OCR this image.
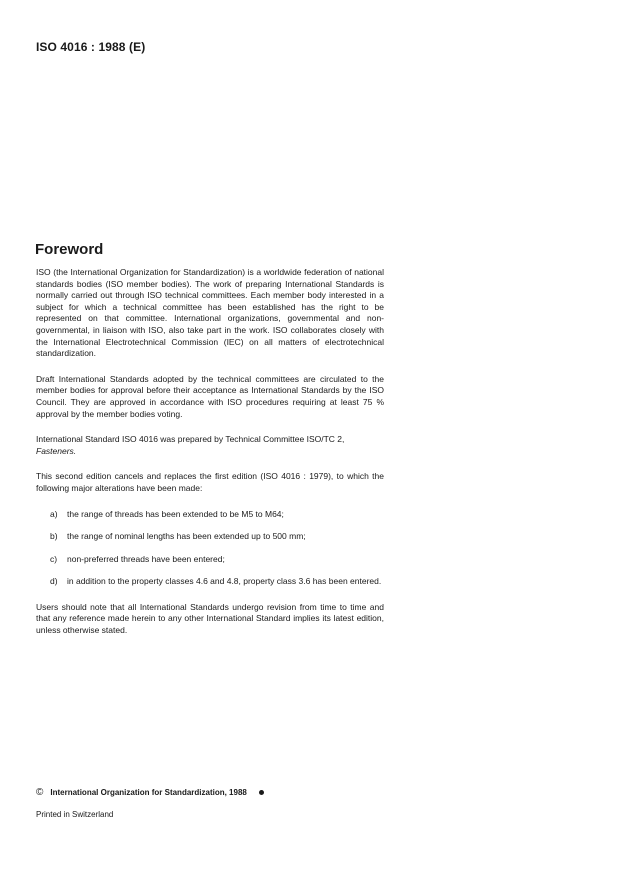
ISO 4016 : 1988 (E)
Foreword

ISO (the International Organization for Standardization) is a worldwide federation of national standards bodies (ISO member bodies). The work of preparing International Standards is normally carried out through ISO technical committees. Each member body interested in a subject for which a technical committee has been established has the right to be represented on that committee. International organizations, governmental and non-governmental, in liaison with ISO, also take part in the work. ISO collaborates closely with the International Electrotechnical Commission (IEC) on all matters of electrotechnical standardization.

Draft International Standards adopted by the technical committees are circulated to the member bodies for approval before their acceptance as International Standards by the ISO Council. They are approved in accordance with ISO procedures requiring at least 75 % approval by the member bodies voting.

International Standard ISO 4016 was prepared by Technical Committee ISO/TC 2,
Fasteners.

This second edition cancels and replaces the first edition (ISO 4016 : 1979), to which the following major alterations have been made:

a) the range of threads has been extended to be M5 to M64;
b) the range of nominal lengths has been extended up to 500 mm;
c) non-preferred threads have been entered;
d) in addition to the property classes 4.6 and 4.8, property class 3.6 has been entered.

Users should note that all International Standards undergo revision from time to time and that any reference made herein to any other International Standard implies its latest edition, unless otherwise stated.

© International Organization for Standardization, 1988
Printed in Switzerland
